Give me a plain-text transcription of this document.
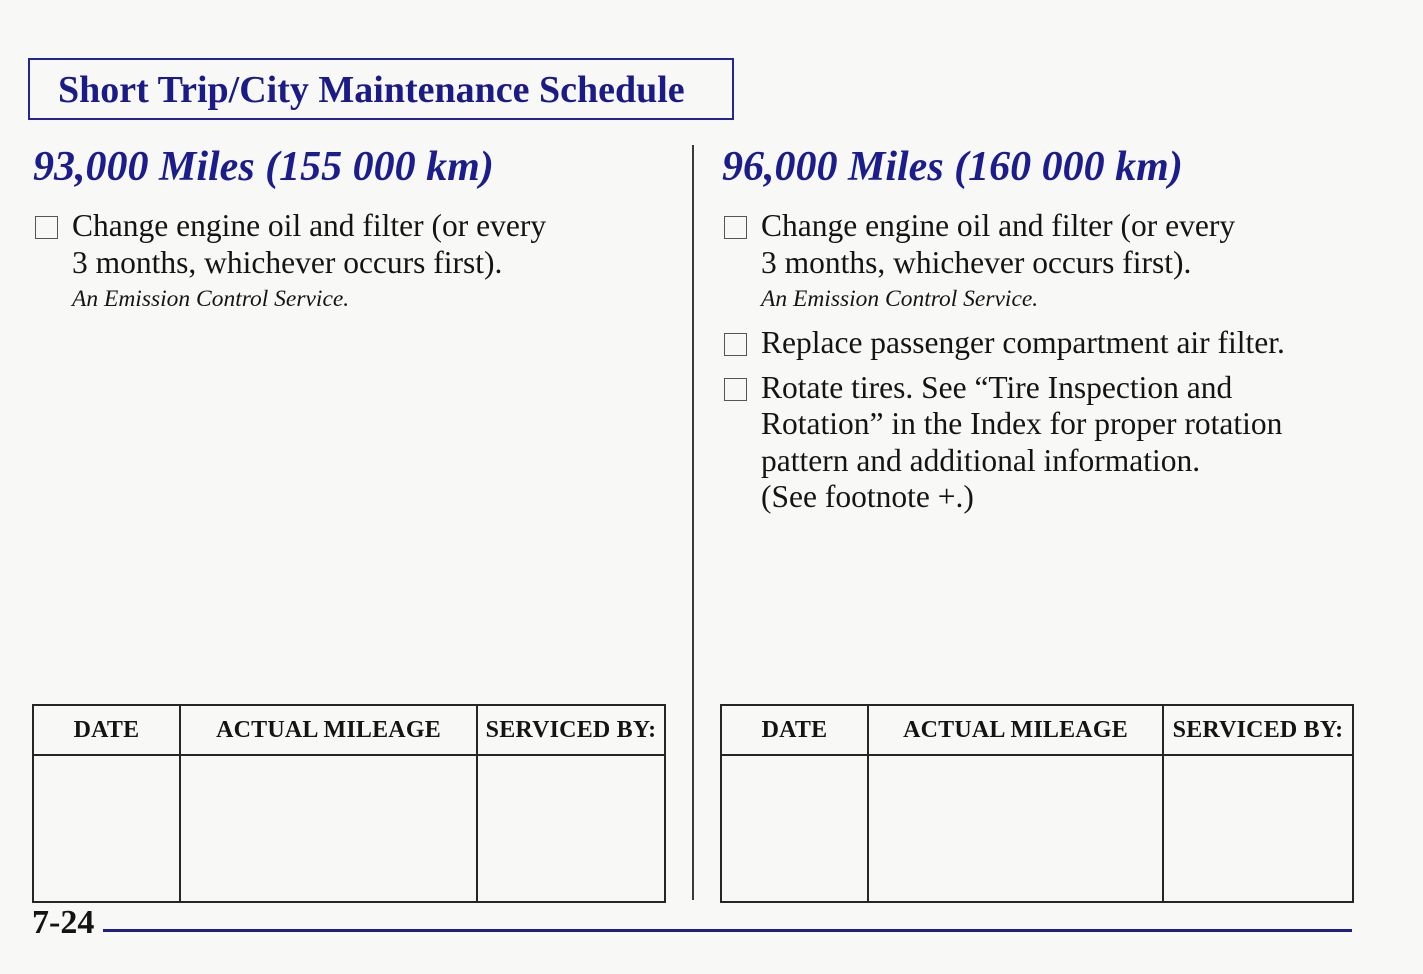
Short Trip/City Maintenance Schedule
93,000 Miles (155 000 km)
Change engine oil and filter (or every
3 months, whichever occurs first).
An Emission Control Service.
96,000 Miles (160 000 km)
Change engine oil and filter (or every
3 months, whichever occurs first).
An Emission Control Service.
Replace passenger compartment air filter.
Rotate tires. See “Tire Inspection and
Rotation” in the Index for proper rotation
pattern and additional information.
(See footnote +.)
DATE	ACTUAL MILEAGE	SERVICED BY:
			DATE	ACTUAL MILEAGE	SERVICED BY:

7-24
